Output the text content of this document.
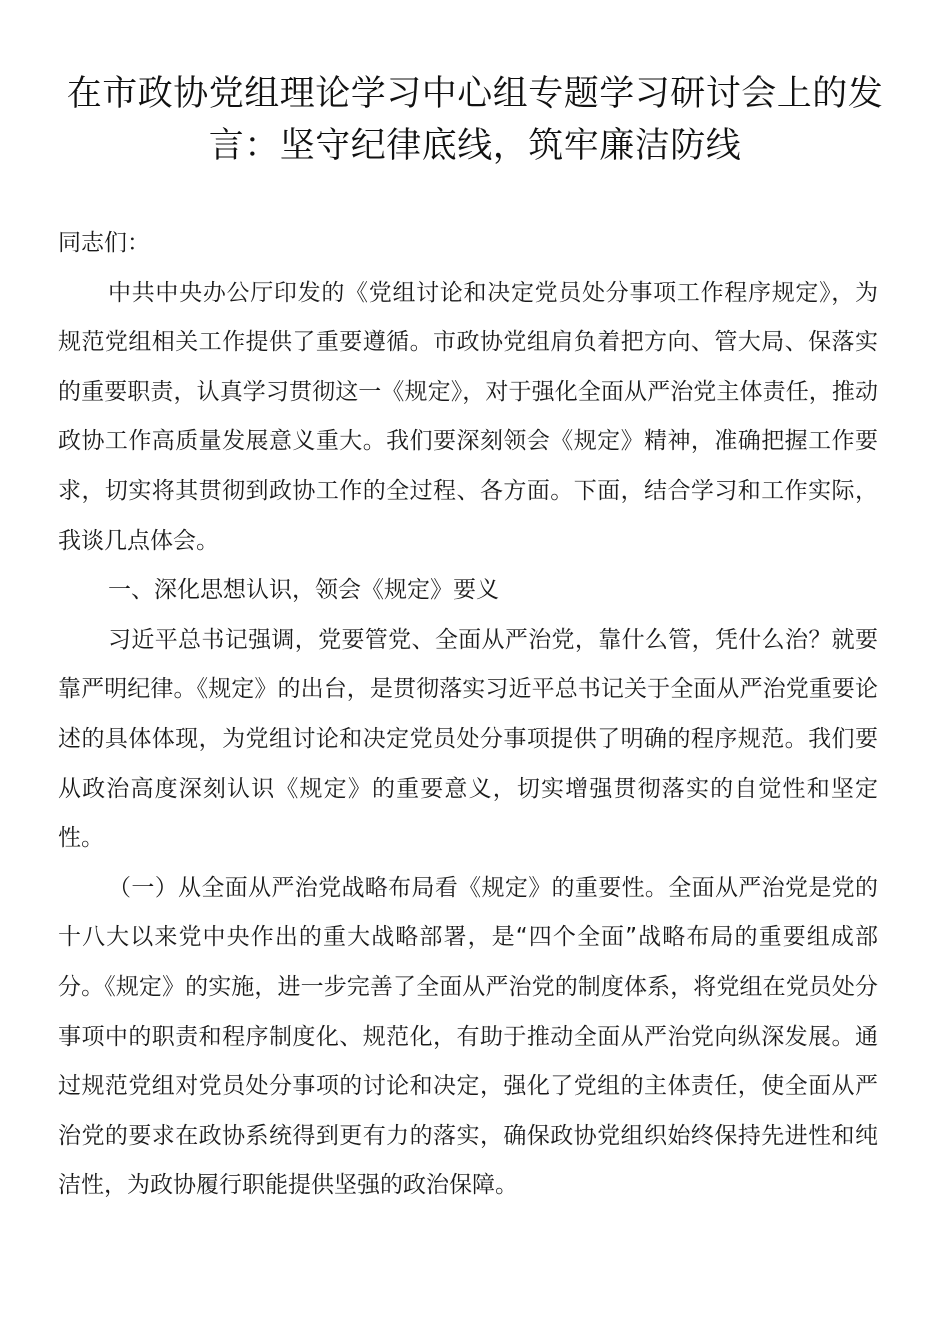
在市政协党组理论学习中心组专题学习研讨会上的发言：坚守纪律底线，筑牢廉洁防线

同志们：

中共中央办公厅印发的《党组讨论和决定党员处分事项工作程序规定》，为规范党组相关工作提供了重要遵循。市政协党组肩负着把方向、管大局、保落实的重要职责，认真学习贯彻这一《规定》，对于强化全面从严治党主体责任，推动政协工作高质量发展意义重大。我们要深刻领会《规定》精神，准确把握工作要求，切实将其贯彻到政协工作的全过程、各方面。下面，结合学习和工作实际，我谈几点体会。

一、深化思想认识，领会《规定》要义

习近平总书记强调，党要管党、全面从严治党，靠什么管，凭什么治？就要靠严明纪律。《规定》的出台，是贯彻落实习近平总书记关于全面从严治党重要论述的具体体现，为党组讨论和决定党员处分事项提供了明确的程序规范。我们要从政治高度深刻认识《规定》的重要意义，切实增强贯彻落实的自觉性和坚定性。

（一）从全面从严治党战略布局看《规定》的重要性。全面从严治党是党的十八大以来党中央作出的重大战略部署，是“四个全面”战略布局的重要组成部分。《规定》的实施，进一步完善了全面从严治党的制度体系，将党组在党员处分事项中的职责和程序制度化、规范化，有助于推动全面从严治党向纵深发展。通过规范党组对党员处分事项的讨论和决定，强化了党组的主体责任，使全面从严治党的要求在政协系统得到更有力的落实，确保政协党组织始终保持先进性和纯洁性，为政协履行职能提供坚强的政治保障。
